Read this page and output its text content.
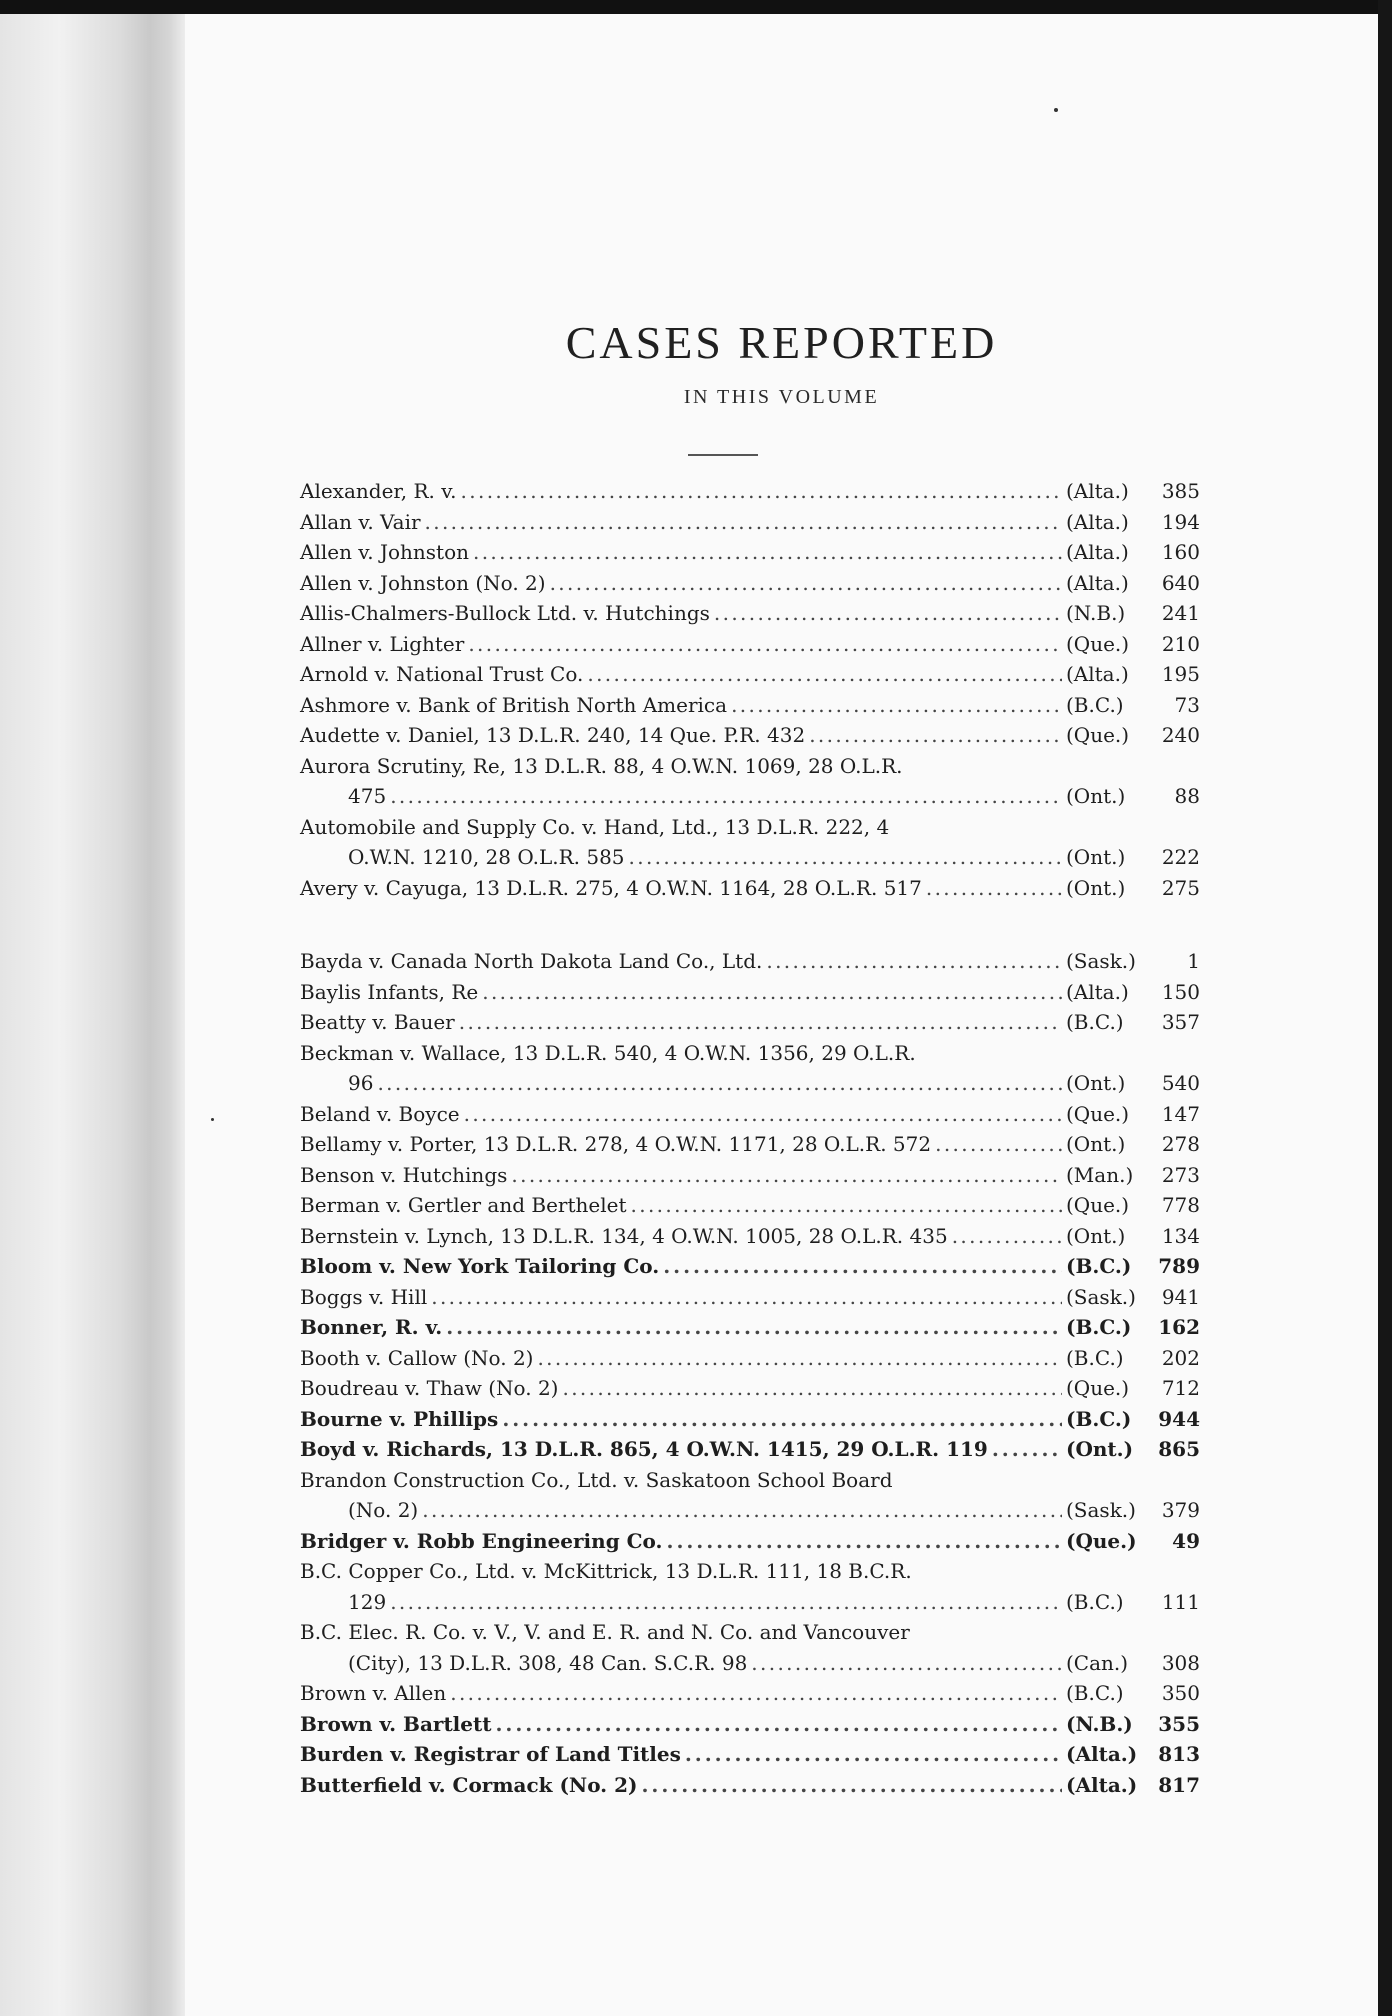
CASES REPORTED
IN THIS VOLUME
Alexander, R. v. . . .	(Alta.)	385
Allan v. Vair . . .	(Alta.)	194
Allen v. Johnston . . .	(Alta.)	160
Allen v. Johnston (No. 2) . . .	(Alta.)	640
Allis-Chalmers-Bullock Ltd. v. Hutchings . . .	(N.B.)	241
Allner v. Lighter . . .	(Que.)	210
Arnold v. National Trust Co. . . .	(Alta.)	195
Ashmore v. Bank of British North America . . .	(B.C.)	73
Audette v. Daniel, 13 D.L.R. 240, 14 Que. P.R. 432 . . .	(Que.)	240
Aurora Scrutiny, Re, 13 D.L.R. 88, 4 O.W.N. 1069, 28 O.L.R.
475 . . .	(Ont.)	88
Automobile and Supply Co. v. Hand, Ltd., 13 D.L.R. 222, 4
O.W.N. 1210, 28 O.L.R. 585 . . .	(Ont.)	222
Avery v. Cayuga, 13 D.L.R. 275, 4 O.W.N. 1164, 28 O.L.R. 517 . . .	(Ont.)	275
Bayda v. Canada North Dakota Land Co., Ltd. . . .	(Sask.)	1
Baylis Infants, Re . . .	(Alta.)	150
Beatty v. Bauer . . .	(B.C.)	357
Beckman v. Wallace, 13 D.L.R. 540, 4 O.W.N. 1356, 29 O.L.R.
96 . . .	(Ont.)	540
Beland v. Boyce . . .	(Que.)	147
Bellamy v. Porter, 13 D.L.R. 278, 4 O.W.N. 1171, 28 O.L.R. 572 . . .	(Ont.)	278
Benson v. Hutchings . . .	(Man.)	273
Berman v. Gertler and Berthelet . . .	(Que.)	778
Bernstein v. Lynch, 13 D.L.R. 134, 4 O.W.N. 1005, 28 O.L.R. 435 . . .	(Ont.)	134
Bloom v. New York Tailoring Co. . . .	(B.C.)	789
Boggs v. Hill . . .	(Sask.)	941
Bonner, R. v. . . .	(B.C.)	162
Booth v. Callow (No. 2) . . .	(B.C.)	202
Boudreau v. Thaw (No. 2) . . .	(Que.)	712
Bourne v. Phillips . . .	(B.C.)	944
Boyd v. Richards, 13 D.L.R. 865, 4 O.W.N. 1415, 29 O.L.R. 119 . . .	(Ont.)	865
Brandon Construction Co., Ltd. v. Saskatoon School Board
(No. 2) . . .	(Sask.)	379
Bridger v. Robb Engineering Co. . . .	(Que.)	49
B.C. Copper Co., Ltd. v. McKittrick, 13 D.L.R. 111, 18 B.C.R.
129 . . .	(B.C.)	111
B.C. Elec. R. Co. v. V., V. and E. R. and N. Co. and Vancouver
(City), 13 D.L.R. 308, 48 Can. S.C.R. 98 . . .	(Can.)	308
Brown v. Allen . . .	(B.C.)	350
Brown v. Bartlett . . .	(N.B.)	355
Burden v. Registrar of Land Titles . . .	(Alta.)	813
Butterfield v. Cormack (No. 2) . . .	(Alta.)	817
